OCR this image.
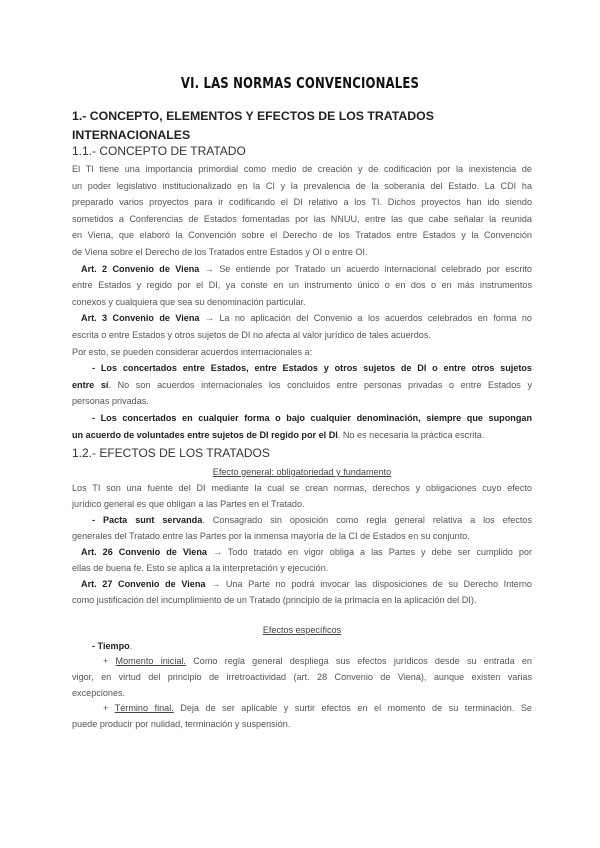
VI. LAS NORMAS CONVENCIONALES
1.- CONCEPTO, ELEMENTOS Y EFECTOS DE LOS TRATADOS
INTERNACIONALES
1.1.- CONCEPTO DE TRATADO
El TI tiene una importancia primordial como medio de creación y de codificación por la inexistencia de
un poder legislativo institucionalizado en la CI y la prevalencia de la soberanía del Estado. La CDI ha
preparado varios proyectos para ir codificando el DI relativo a los TI. Dichos proyectos han ido siendo
sometidos a Conferencias de Estados fomentadas por las NNUU, entre las que cabe señalar la reunida
en Viena, que elaboró la Convención sobre el Derecho de los Tratados entre Estados y la Convención
de Viena sobre el Derecho de los Tratados entre Estados y OI o entre OI.
Art. 2 Convenio de Viena → Se entiende por Tratado un acuerdo internacional celebrado por escrito
entre Estados y regido por el DI, ya conste en un instrumento único o en dos o en más instrumentos
conexos y cualquiera que sea su denominación particular.
Art. 3 Convenio de Viena → La no aplicación del Convenio a los acuerdos celebrados en forma no
escrita o entre Estados y otros sujetos de DI no afecta al valor jurídico de tales acuerdos.
Por esto, se pueden considerar acuerdos internacionales a:
- Los concertados entre Estados, entre Estados y otros sujetos de DI o entre otros sujetos
entre sí. No son acuerdos internacionales los concluidos entre personas privadas o entre Estados y
personas privadas.
- Los concertados en cualquier forma o bajo cualquier denominación, siempre que supongan
un acuerdo de voluntades entre sujetos de DI regido por el DI. No es necesaria la práctica escrita.
1.2.- EFECTOS DE LOS TRATADOS
Efecto general: obligatoriedad y fundamento
Los TI son una fuente del DI mediante la cual se crean normas, derechos y obligaciones cuyo efecto
jurídico general es que obligan a las Partes en el Tratado.
- Pacta sunt servanda. Consagrado sin oposición como regla general relativa a los efectos
generales del Tratado entre las Partes por la inmensa mayoría de la CI de Estados en su conjunto.
Art. 26 Convenio de Viena → Todo tratado en vigor obliga a las Partes y debe ser cumplido por
ellas de buena fe. Esto se aplica a la interpretación y ejecución.
Art. 27 Convenio de Viena → Una Parte no podrá invocar las disposiciones de su Derecho Interno
como justificación del incumplimiento de un Tratado (principio de la primacía en la aplicación del DI).
Efectos específicos
- Tiempo.
+ Momento inicial. Como regla general despliega sus efectos jurídicos desde su entrada en
vigor, en virtud del principio de irretroactividad (art. 28 Convenio de Viena), aunque existen varias
excepciones.
+ Término final. Deja de ser aplicable y surtir efectos en el momento de su terminación. Se
puede producir por nulidad, terminación y suspensión.
